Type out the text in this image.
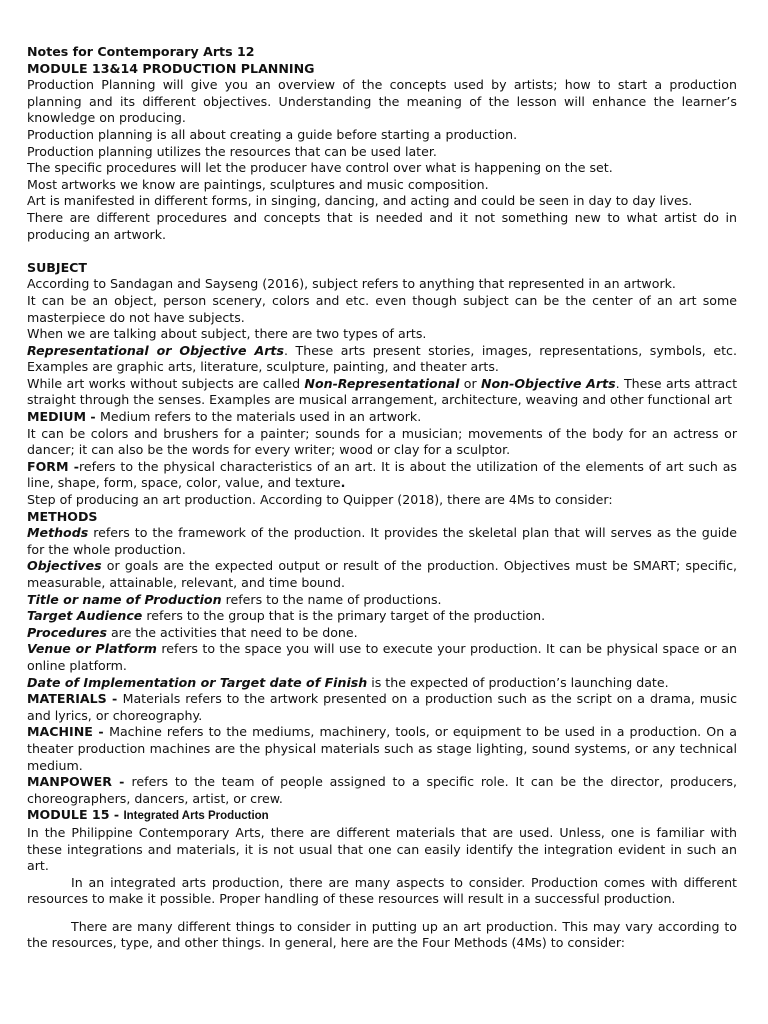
Notes for Contemporary Arts 12

MODULE 13&14 PRODUCTION PLANNING

Production Planning will give you an overview of the concepts used by artists; how to start a production planning and its different objectives. Understanding the meaning of the lesson will enhance the learner’s knowledge on producing.

Production planning is all about creating a guide before starting a production.

Production planning utilizes the resources that can be used later.

The specific procedures will let the producer have control over what is happening on the set.

Most artworks we know are paintings, sculptures and music composition.

Art is manifested in different forms, in singing, dancing, and acting and could be seen in day to day lives.

There are different procedures and concepts that is needed and it not something new to what artist do in producing an artwork.

SUBJECT

According to Sandagan and Sayseng (2016), subject refers to anything that represented in an artwork.

It can be an object, person scenery, colors and etc. even though subject can be the center of an art some masterpiece do not have subjects.

When we are talking about subject, there are two types of arts.

Representational or Objective Arts. These arts present stories, images, representations, symbols, etc. Examples are graphic arts, literature, sculpture, painting, and theater arts.

While art works without subjects are called Non-Representational or Non-Objective Arts. These arts attract straight through the senses. Examples are musical arrangement, architecture, weaving and other functional art

MEDIUM - Medium refers to the materials used in an artwork.

It can be colors and brushers for a painter; sounds for a musician; movements of the body for an actress or dancer; it can also be the words for every writer; wood or clay for a sculptor.

FORM -refers to the physical characteristics of an art. It is about the utilization of the elements of art such as line, shape, form, space, color, value, and texture.

Step of producing an art production. According to Quipper (2018), there are 4Ms to consider:

METHODS

Methods refers to the framework of the production. It provides the skeletal plan that will serves as the guide for the whole production.

Objectives or goals are the expected output or result of the production. Objectives must be SMART; specific, measurable, attainable, relevant, and time bound.

Title or name of Production refers to the name of productions.

Target Audience refers to the group that is the primary target of the production.

Procedures are the activities that need to be done.

Venue or Platform refers to the space you will use to execute your production. It can be physical space or an online platform.

Date of Implementation or Target date of Finish is the expected of production’s launching date.

MATERIALS - Materials refers to the artwork presented on a production such as the script on a drama, music and lyrics, or choreography.

MACHINE - Machine refers to the mediums, machinery, tools, or equipment to be used in a production. On a theater production machines are the physical materials such as stage lighting, sound systems, or any technical medium.

MANPOWER - refers to the team of people assigned to a specific role. It can be the director, producers, choreographers, dancers, artist, or crew.

MODULE 15 - Integrated Arts Production

In the Philippine Contemporary Arts, there are different materials that are used. Unless, one is familiar with these integrations and materials, it is not usual that one can easily identify the integration evident in such an art.

In an integrated arts production, there are many aspects to consider. Production comes with different resources to make it possible. Proper handling of these resources will result in a successful production.

There are many different things to consider in putting up an art production. This may vary according to the resources, type, and other things. In general, here are the Four Methods (4Ms) to consider:
